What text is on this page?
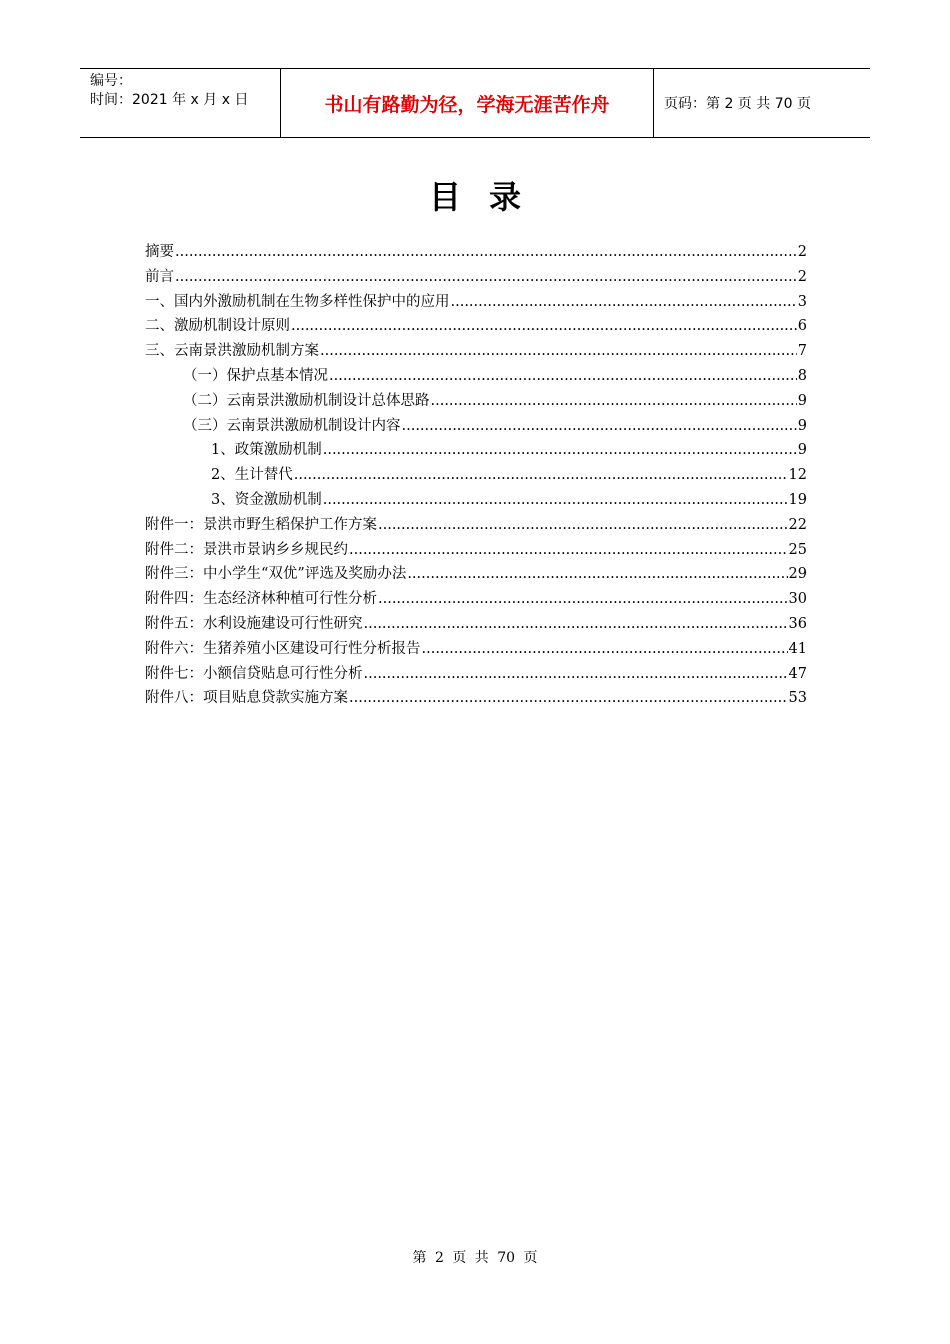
编号：
时间：2021 年 x 月 x 日	书山有路勤为径，学海无涯苦作舟	页码：第 2 页 共 70 页
目录
摘要 .....	2
前言 .....	2
一、国内外激励机制在生物多样性保护中的应用 .....	3
二、激励机制设计原则 .....	6
三、云南景洪激励机制方案 .....	7
（一）保护点基本情况 .....	8
（二）云南景洪激励机制设计总体思路 .....	9
（三）云南景洪激励机制设计内容 .....	9
1、政策激励机制 .....	9
2、生计替代 .....	12
3、资金激励机制 .....	19
附件一：景洪市野生稻保护工作方案 .....	22
附件二：景洪市景讷乡乡规民约 .....	25
附件三：中小学生“双优”评选及奖励办法 .....	29
附件四：生态经济林种植可行性分析 .....	30
附件五：水利设施建设可行性研究 .....	36
附件六：生猪养殖小区建设可行性分析报告 .....	41
附件七：小额信贷贴息可行性分析 .....	47
附件八：项目贴息贷款实施方案 .....	53
第 2 页 共 70 页
